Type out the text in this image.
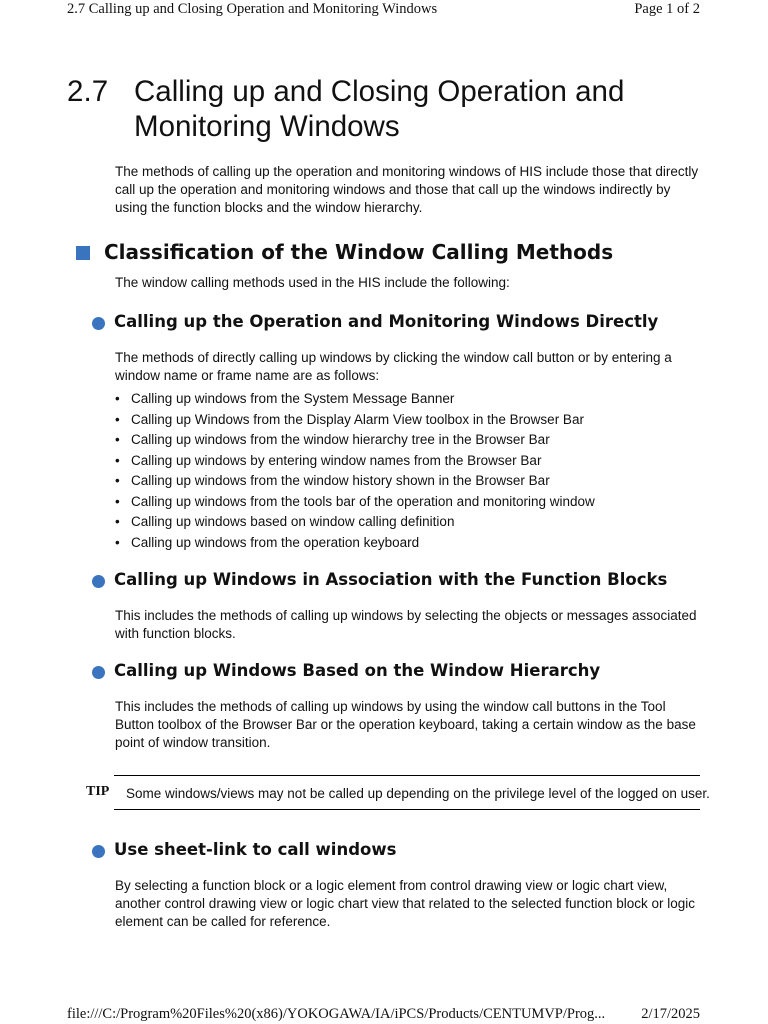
2.7 Calling up and Closing Operation and Monitoring Windows	Page 1 of 2
2.7 Calling up and Closing Operation and Monitoring Windows
The methods of calling up the operation and monitoring windows of HIS include those that directly call up the operation and monitoring windows and those that call up the windows indirectly by using the function blocks and the window hierarchy.
Classification of the Window Calling Methods
The window calling methods used in the HIS include the following:
Calling up the Operation and Monitoring Windows Directly
The methods of directly calling up windows by clicking the window call button or by entering a window name or frame name are as follows:
• Calling up windows from the System Message Banner
• Calling up Windows from the Display Alarm View toolbox in the Browser Bar
• Calling up windows from the window hierarchy tree in the Browser Bar
• Calling up windows by entering window names from the Browser Bar
• Calling up windows from the window history shown in the Browser Bar
• Calling up windows from the tools bar of the operation and monitoring window
• Calling up windows based on window calling definition
• Calling up windows from the operation keyboard
Calling up Windows in Association with the Function Blocks
This includes the methods of calling up windows by selecting the objects or messages associated with function blocks.
Calling up Windows Based on the Window Hierarchy
This includes the methods of calling up windows by using the window call buttons in the Tool Button toolbox of the Browser Bar or the operation keyboard, taking a certain window as the base point of window transition.
TIP Some windows/views may not be called up depending on the privilege level of the logged on user.
Use sheet-link to call windows
By selecting a function block or a logic element from control drawing view or logic chart view, another control drawing view or logic chart view that related to the selected function block or logic element can be called for reference.
file:///C:/Program%20Files%20(x86)/YOKOGAWA/IA/iPCS/Products/CENTUMVP/Prog... 2/17/2025
